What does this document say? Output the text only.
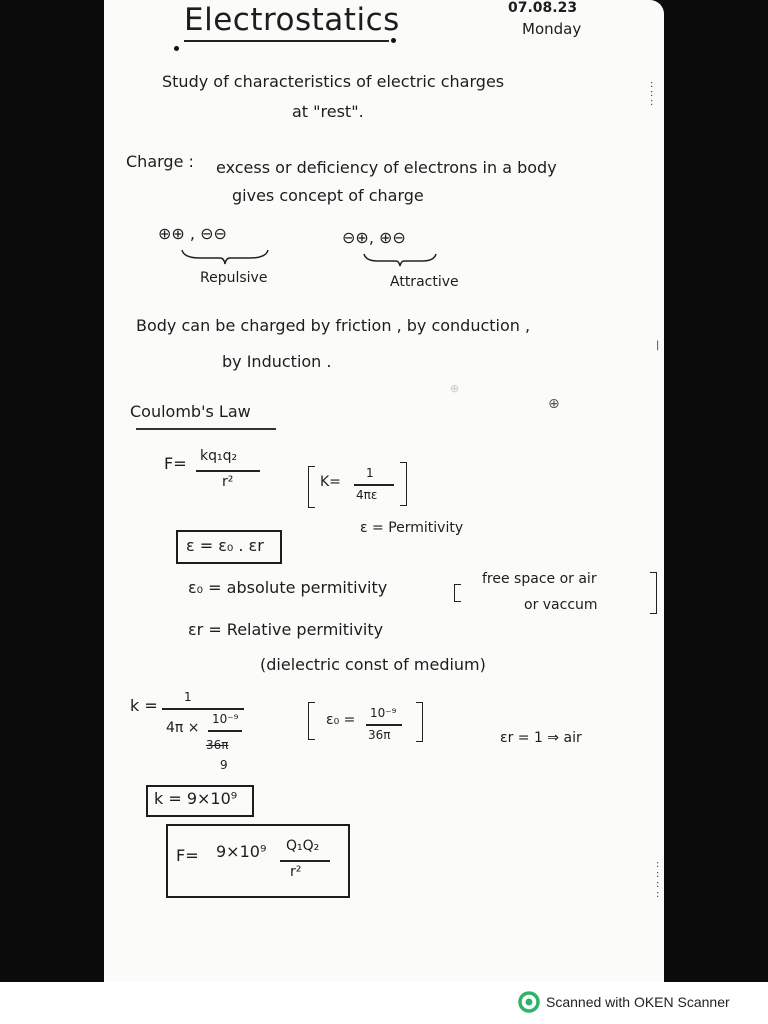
Electrostatics	07.08.23
Monday
:
:
:
Study of characteristics of electric charges
at "rest".
Charge : excess or deficiency of electrons in a body
gives concept of charge
⊕⊕ , ⊖⊖	⊖⊕, ⊕⊖
Repulsive	Attractive
Body can be charged by friction , by conduction ,
by Induction .
Coulomb's Law
F= kq₁q₂
r²	K=
1
4πε
ε = Permitivity
ε = ε₀ . εr
ε₀ = absolute permitivity	free space or air
or vaccum
εr = Relative permitivity
(dielectric const of medium)
k = 1
4π ×
10⁻⁹
36π
9
ε₀ = 10⁻⁹
36π	εr = 1 ⇒ air
k = 9×10⁹
F= 9×10⁹ Q₁Q₂
r²
⊕
⊕
|
:
:
:
:
Scanned with OKEN Scanner
